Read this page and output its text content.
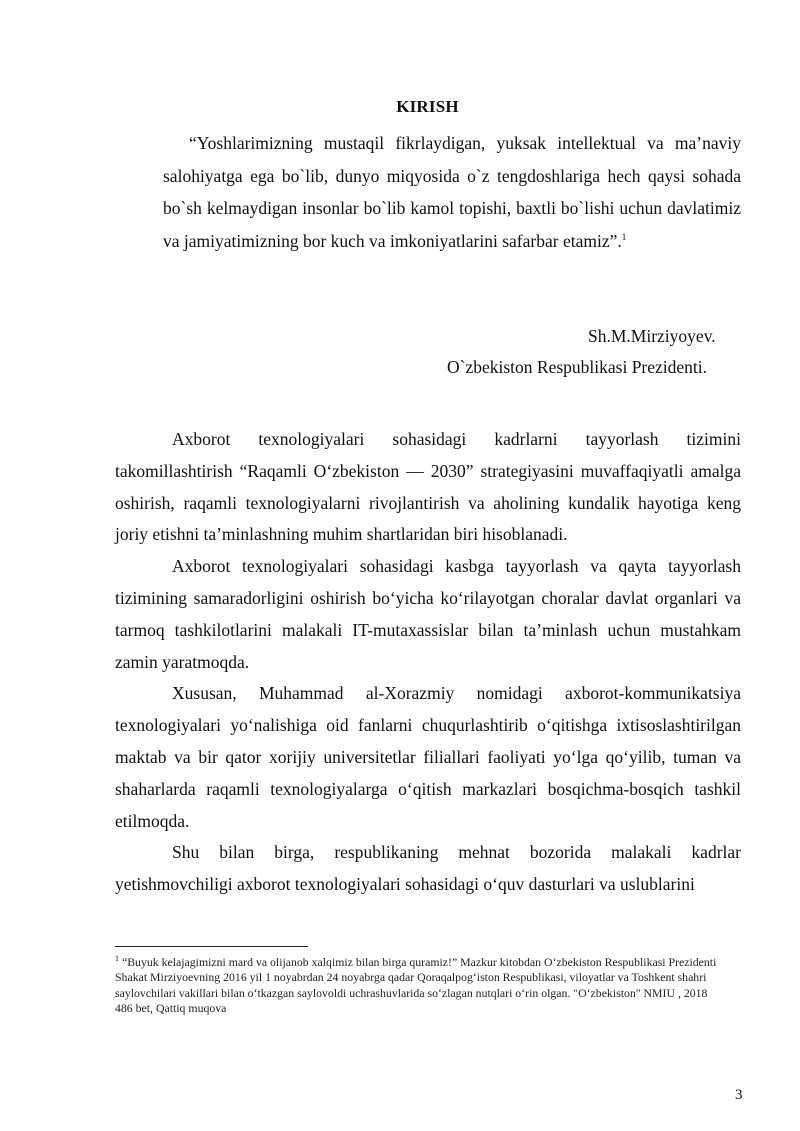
KIRISH
“Yoshlarimizning mustaqil fikrlaydigan, yuksak intellektual va ma’naviy salohiyatga ega bo`lib, dunyo miqyosida o`z tengdoshlariga hech qaysi sohada bo`sh kelmaydigan insonlar bo`lib kamol topishi, baxtli bo`lishi uchun davlatimiz va jamiyatimizning bor kuch va imkoniyatlarini safarbar etamiz”.$^1$
Sh.M.Mirziyoyev.
O`zbekiston Respublikasi Prezidenti.

Axborot texnologiyalari sohasidagi kadrlarni tayyorlash tizimini takomillashtirish “Raqamli O‘zbekiston — 2030” strategiyasini muvaffaqiyatli amalga oshirish, raqamli texnologiyalarni rivojlantirish va aholining kundalik hayotiga keng joriy etishni ta’minlashning muhim shartlaridan biri hisoblanadi.

Axborot texnologiyalari sohasidagi kasbga tayyorlash va qayta tayyorlash tizimining samaradorligini oshirish bo‘yicha ko‘rilayotgan choralar davlat organlari va tarmoq tashkilotlarini malakali IT-mutaxassislar bilan ta’minlash uchun mustahkam zamin yaratmoqda.

Xususan, Muhammad al-Xorazmiy nomidagi axborot-kommunikatsiya texnologiyalari yo‘nalishiga oid fanlarni chuqurlashtirib o‘qitishga ixtisoslashtirilgan maktab va bir qator xorijiy universitetlar filiallari faoliyati yo‘lga qo‘yilib, tuman va shaharlarda raqamli texnologiyalarga o‘qitish markazlari bosqichma-bosqich tashkil etilmoqda.

Shu bilan birga, respublikaning mehnat bozorida malakali kadrlar yetishmovchiligi axborot texnologiyalari sohasidagi o‘quv dasturlari va uslublarini

$^1$ “Buyuk kelajagimizni mard va olijanob xalqimiz bilan birga quramiz!” Mazkur kitobdan O‘zbekiston Respublikasi Prezidenti Shakat Mirziyoevning 2016 yil 1 noyabrdan 24 noyabrga qadar Qoraqalpog‘iston Respublikasi, viloyatlar va Toshkent shahri saylovchilari vakillari bilan o‘tkazgan saylovoldi uchrashuvlarida so‘zlagan nutqlari o‘rin olgan. "O‘zbekiston" NMIU , 2018
486 bet, Qattiq muqova
3
